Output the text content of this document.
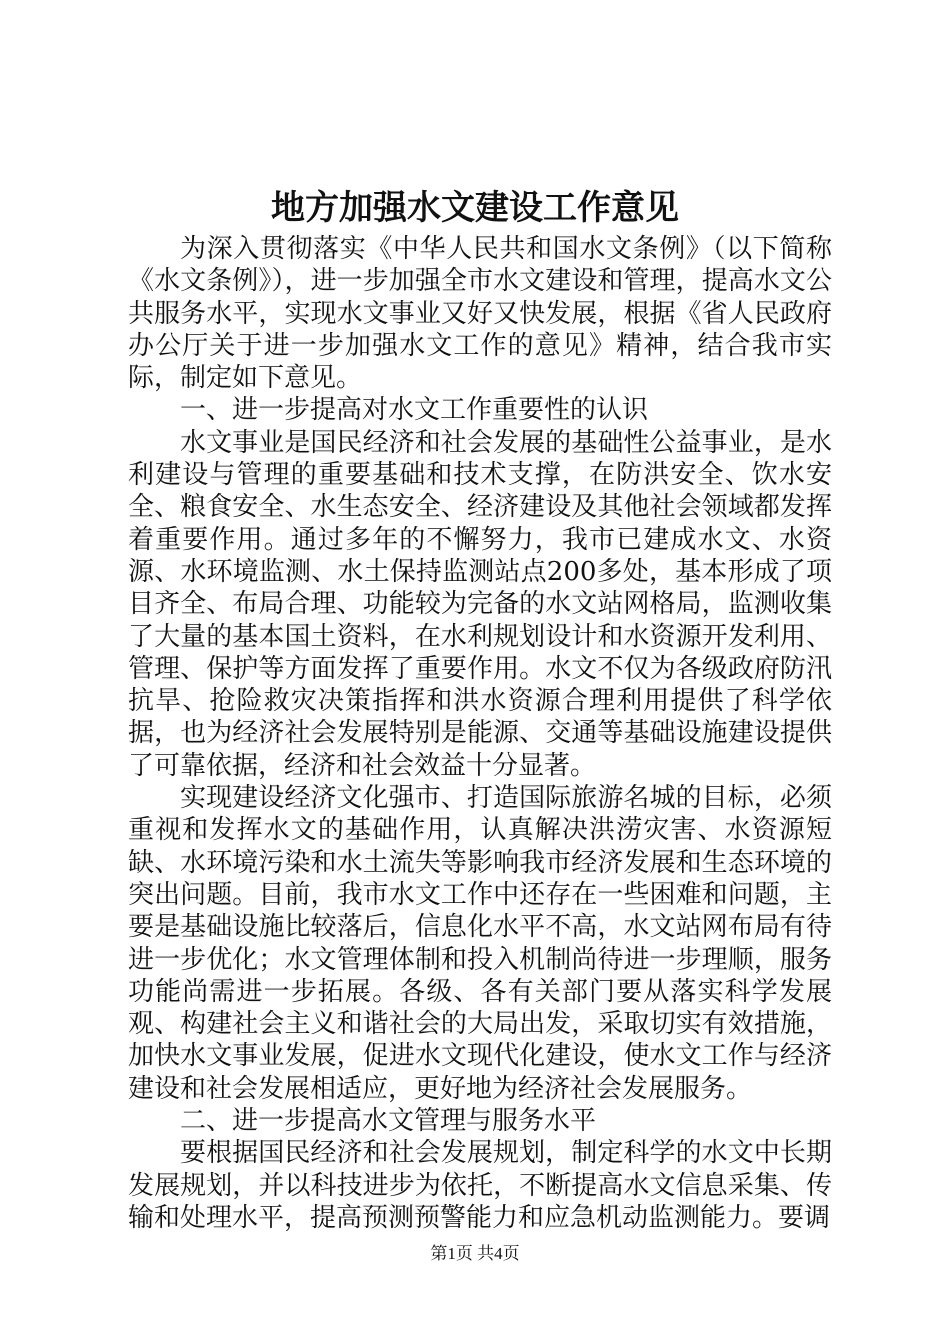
地方加强水文建设工作意见

为深入贯彻落实《中华人民共和国水文条例》（以下简称《水文条例》），进一步加强全市水文建设和管理，提高水文公共服务水平，实现水文事业又好又快发展，根据《省人民政府办公厅关于进一步加强水文工作的意见》精神，结合我市实际，制定如下意见。

一、进一步提高对水文工作重要性的认识

水文事业是国民经济和社会发展的基础性公益事业，是水利建设与管理的重要基础和技术支撑，在防洪安全、饮水安全、粮食安全、水生态安全、经济建设及其他社会领域都发挥着重要作用。通过多年的不懈努力，我市已建成水文、水资源、水环境监测、水土保持监测站点200多处，基本形成了项目齐全、布局合理、功能较为完备的水文站网格局，监测收集了大量的基本国土资料，在水利规划设计和水资源开发利用、管理、保护等方面发挥了重要作用。水文不仅为各级政府防汛抗旱、抢险救灾决策指挥和洪水资源合理利用提供了科学依据，也为经济社会发展特别是能源、交通等基础设施建设提供了可靠依据，经济和社会效益十分显著。

实现建设经济文化强市、打造国际旅游名城的目标，必须重视和发挥水文的基础作用，认真解决洪涝灾害、水资源短缺、水环境污染和水土流失等影响我市经济发展和生态环境的突出问题。目前，我市水文工作中还存在一些困难和问题，主要是基础设施比较落后，信息化水平不高，水文站网布局有待进一步优化；水文管理体制和投入机制尚待进一步理顺，服务功能尚需进一步拓展。各级、各有关部门要从落实科学发展观、构建社会主义和谐社会的大局出发，采取切实有效措施，加快水文事业发展，促进水文现代化建设，使水文工作与经济建设和社会发展相适应，更好地为经济社会发展服务。

二、进一步提高水文管理与服务水平

要根据国民经济和社会发展规划，制定科学的水文中长期发展规划，并以科技进步为依托，不断提高水文信息采集、传输和处理水平，提高预测预警能力和应急机动监测能力。要调

第1页 共4页
